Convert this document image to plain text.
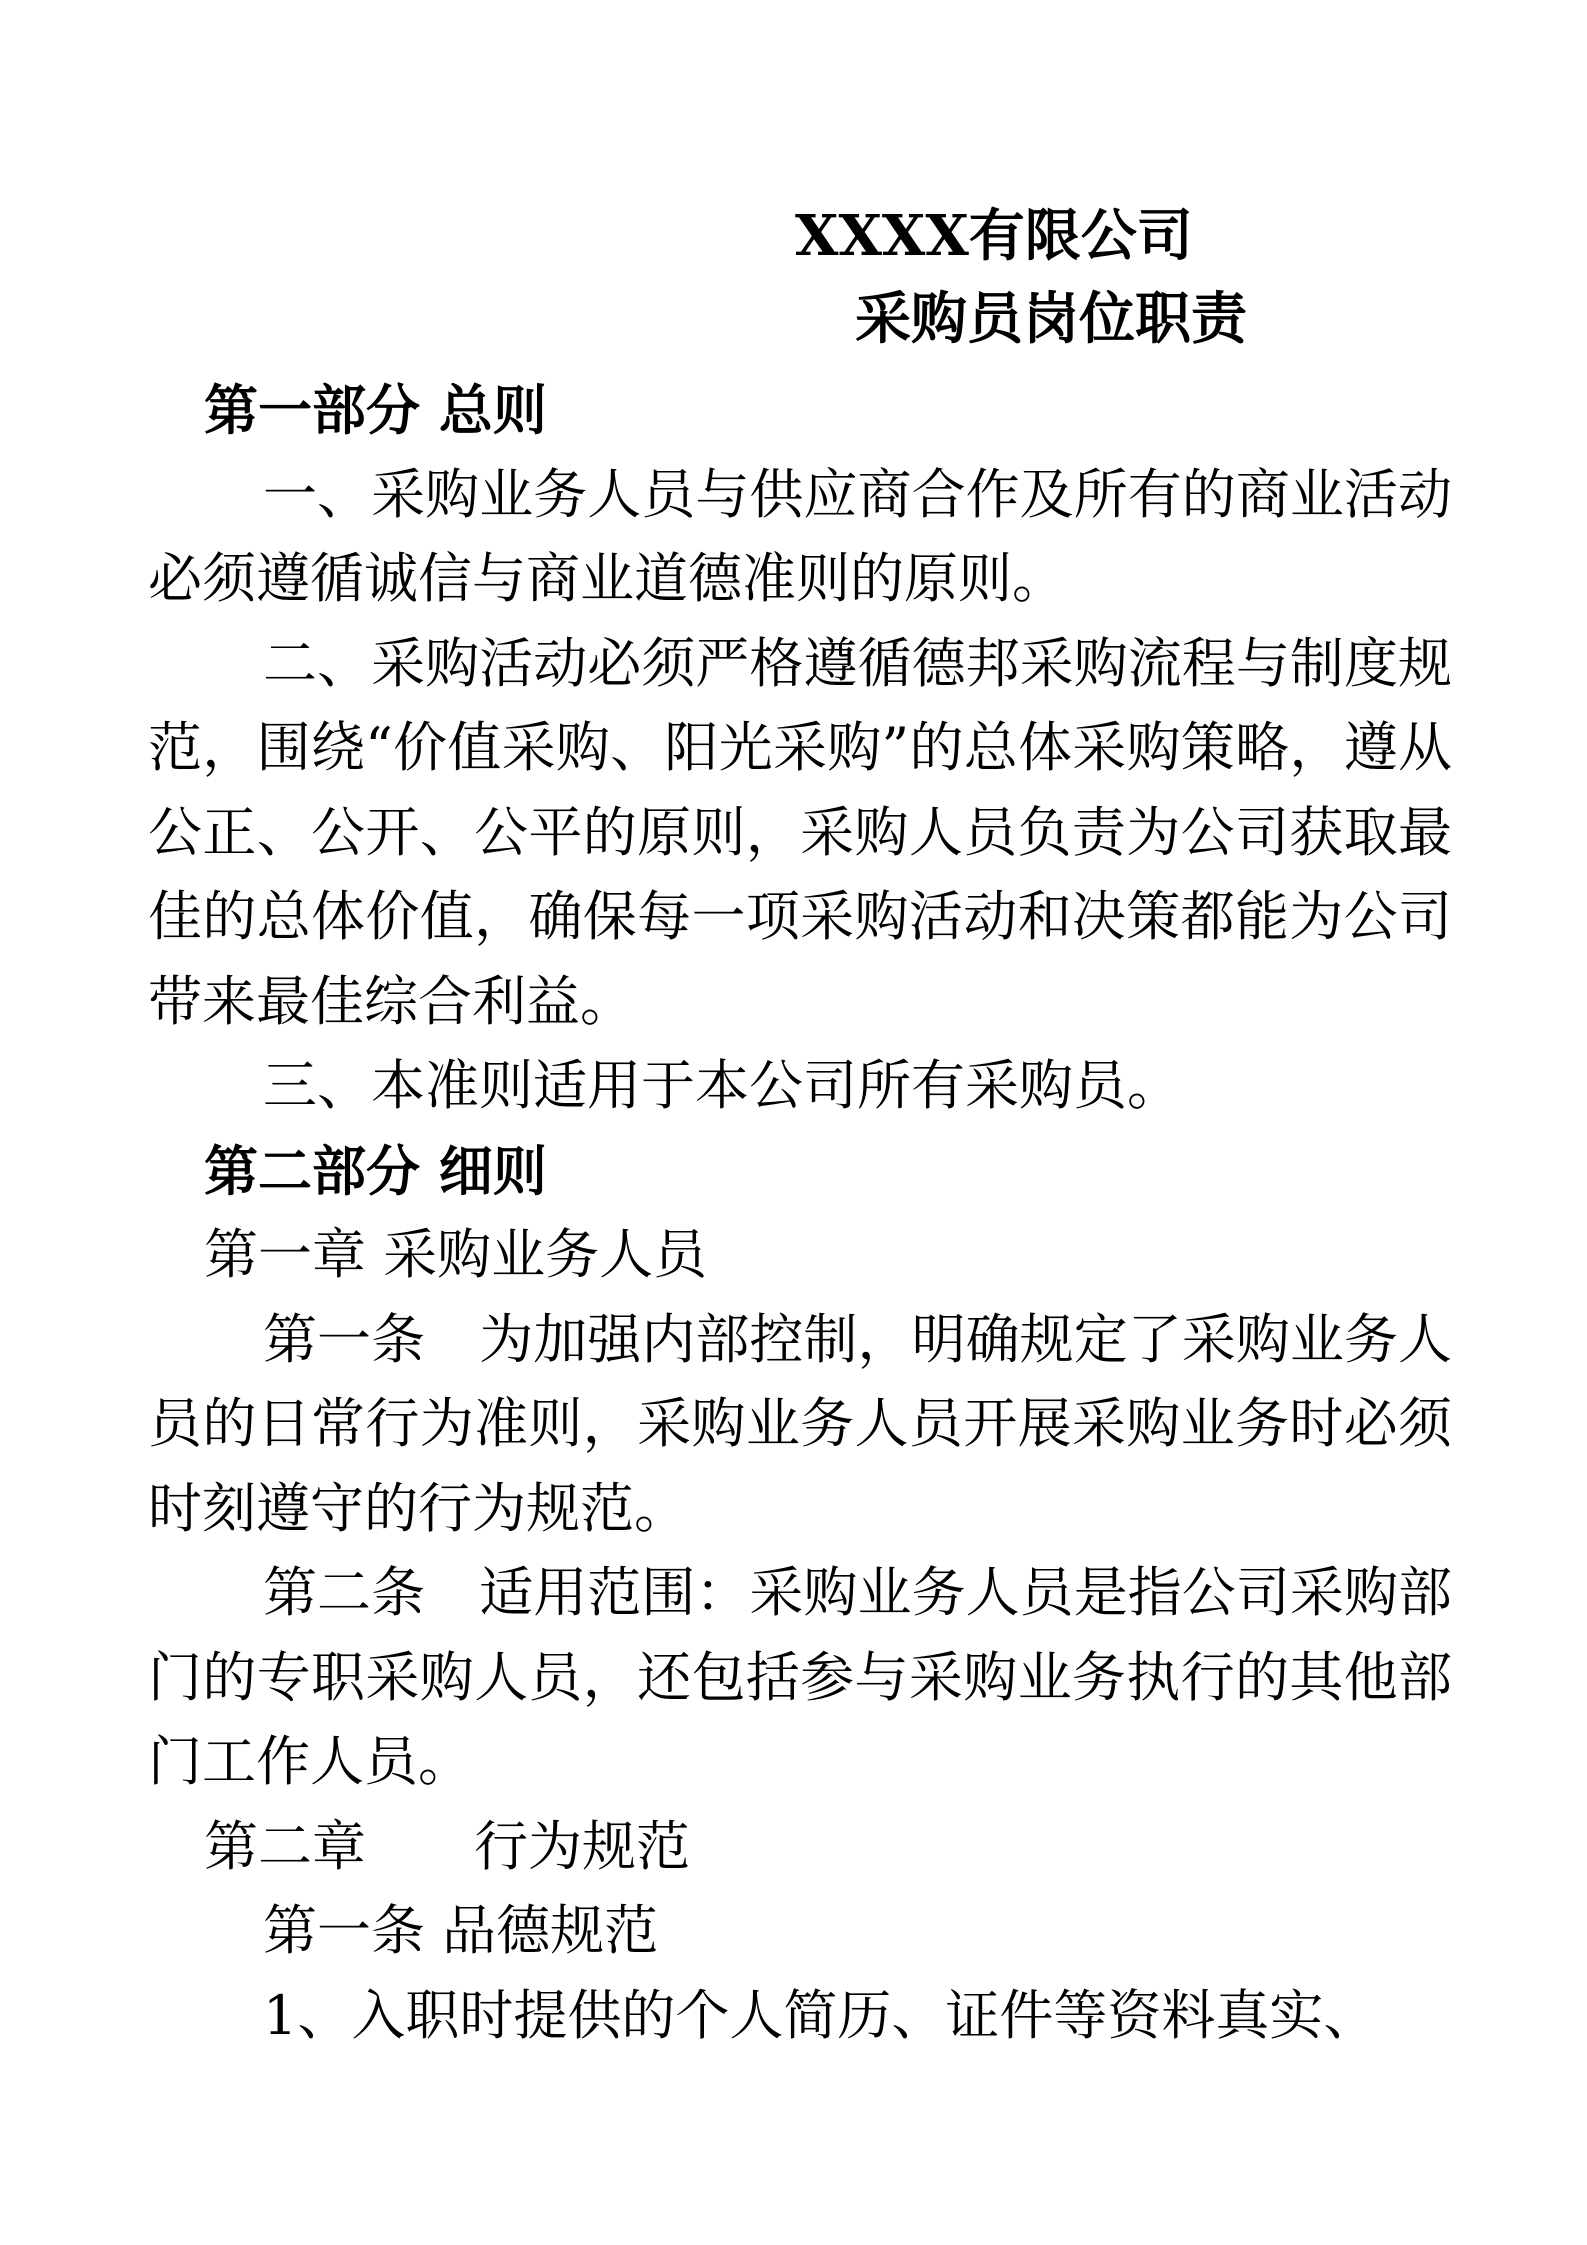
XXXX有限公司
采购员岗位职责

第一部分 总则

一、采购业务人员与供应商合作及所有的商业活动必须遵循诚信与商业道德准则的原则。

二、采购活动必须严格遵循德邦采购流程与制度规范，围绕“价值采购、阳光采购”的总体采购策略，遵从公正、公开、公平的原则，采购人员负责为公司获取最佳的总体价值，确保每一项采购活动和决策都能为公司带来最佳综合利益。

三、本准则适用于本公司所有采购员。

第二部分 细则

第一章 采购业务人员

第一条　为加强内部控制，明确规定了采购业务人员的日常行为准则，采购业务人员开展采购业务时必须时刻遵守的行为规范。

第二条　适用范围：采购业务人员是指公司采购部门的专职采购人员，还包括参与采购业务执行的其他部门工作人员。

第二章　　行为规范

第一条 品德规范

1、入职时提供的个人简历、证件等资料真实、
